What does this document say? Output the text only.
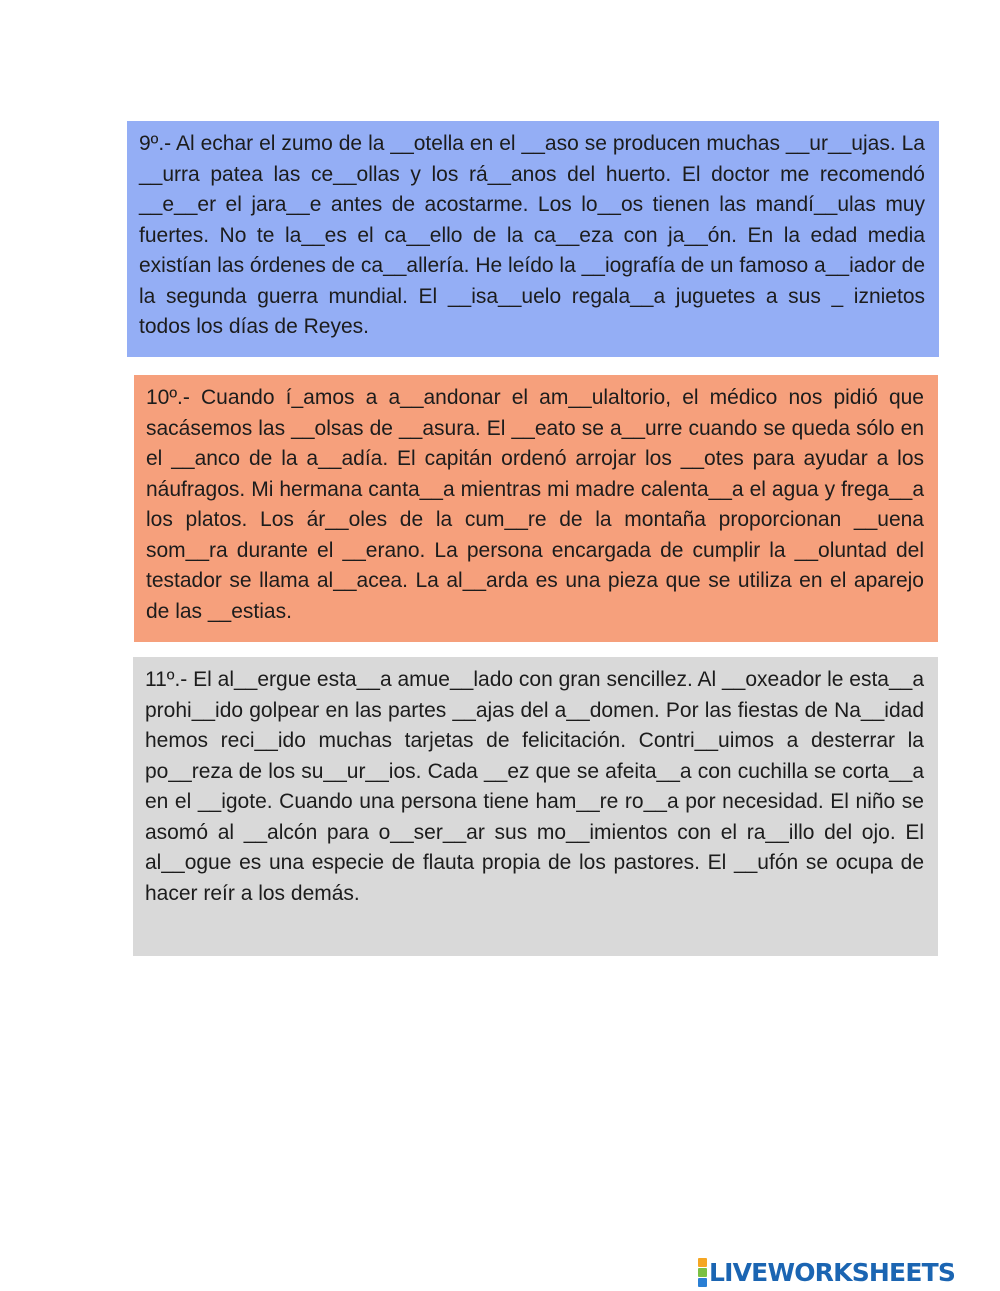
9º.- Al echar el zumo de la __otella en el __aso se producen muchas __ur__ujas. La __urra patea las ce__ollas y los rá__anos del huerto. El doctor me recomendó __e__er el jara__e antes de acostarme. Los lo__os tienen las mandí__ulas muy fuertes. No te la__es el ca__ello de la ca__eza con ja__ón. En la edad media existían las órdenes de ca__allería. He leído la __iografía de un famoso a__iador de la segunda guerra mundial. El __isa__uelo regala__a juguetes a sus _ iznietos todos los días de Reyes.

10º.- Cuando í_amos a a__andonar el am__ulaltorio, el médico nos pidió que sacásemos las __olsas de __asura. El __eato se a__urre cuando se queda sólo en el __anco de la a__adía. El capitán ordenó arrojar los __otes para ayudar a los náufragos. Mi hermana canta__a mientras mi madre calenta__a el agua y frega__a los platos. Los ár__oles de la cum__re de la montaña proporcionan __uena som__ra durante el __erano. La persona encargada de cumplir la __oluntad del testador se llama al__acea. La al__arda es una pieza que se utiliza en el aparejo de las __estias.

11º.- El al__ergue esta__a amue__lado con gran sencillez. Al __oxeador le esta__a prohi__ido golpear en las partes __ajas del a__domen. Por las fiestas de Na__idad hemos reci__ido muchas tarjetas de felicitación. Contri__uimos a desterrar la po__reza de los su__ur__ios. Cada __ez que se afeita__a con cuchilla se corta__a en el __igote. Cuando una persona tiene ham__re ro__a por necesidad. El niño se asomó al __alcón para o__ser__ar sus mo__imientos con el ra__illo del ojo. El al__ogue es una especie de flauta propia de los pastores. El __ufón se ocupa de hacer reír a los demás.

LIVEWORKSHEETS
